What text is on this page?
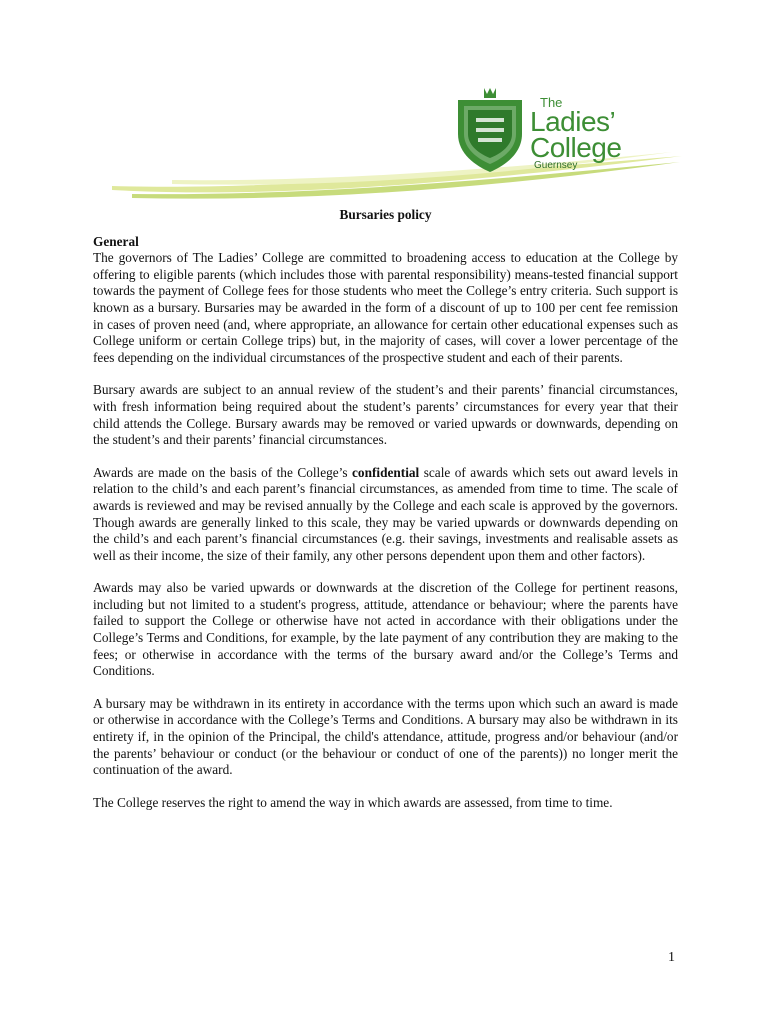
The
Ladies’
College
Guernsey
Bursaries policy
General

The governors of The Ladies’ College are committed to broadening access to education at the College by offering to eligible parents (which includes those with parental responsibility) means-tested financial support towards the payment of College fees for those students who meet the College’s entry criteria. Such support is known as a bursary. Bursaries may be awarded in the form of a discount of up to 100 per cent fee remission in cases of proven need (and, where appropriate, an allowance for certain other educational expenses such as College uniform or certain College trips) but, in the majority of cases, will cover a lower percentage of the fees depending on the individual circumstances of the prospective student and each of their parents.

Bursary awards are subject to an annual review of the student’s and their parents’ financial circumstances, with fresh information being required about the student’s parents’ circumstances for every year that their child attends the College. Bursary awards may be removed or varied upwards or downwards, depending on the student’s and their parents’ financial circumstances.

Awards are made on the basis of the College’s confidential scale of awards which sets out award levels in relation to the child’s and each parent’s financial circumstances, as amended from time to time. The scale of awards is reviewed and may be revised annually by the College and each scale is approved by the governors. Though awards are generally linked to this scale, they may be varied upwards or downwards depending on the child’s and each parent’s financial circumstances (e.g. their savings, investments and realisable assets as well as their income, the size of their family, any other persons dependent upon them and other factors).

Awards may also be varied upwards or downwards at the discretion of the College for pertinent reasons, including but not limited to a student's progress, attitude, attendance or behaviour; where the parents have failed to support the College or otherwise have not acted in accordance with their obligations under the College’s Terms and Conditions, for example, by the late payment of any contribution they are making to the fees; or otherwise in accordance with the terms of the bursary award and/or the College’s Terms and Conditions.

A bursary may be withdrawn in its entirety in accordance with the terms upon which such an award is made or otherwise in accordance with the College’s Terms and Conditions. A bursary may also be withdrawn in its entirety if, in the opinion of the Principal, the child's attendance, attitude, progress and/or behaviour (and/or the parents’ behaviour or conduct (or the behaviour or conduct of one of the parents)) no longer merit the continuation of the award.

The College reserves the right to amend the way in which awards are assessed, from time to time.

1
